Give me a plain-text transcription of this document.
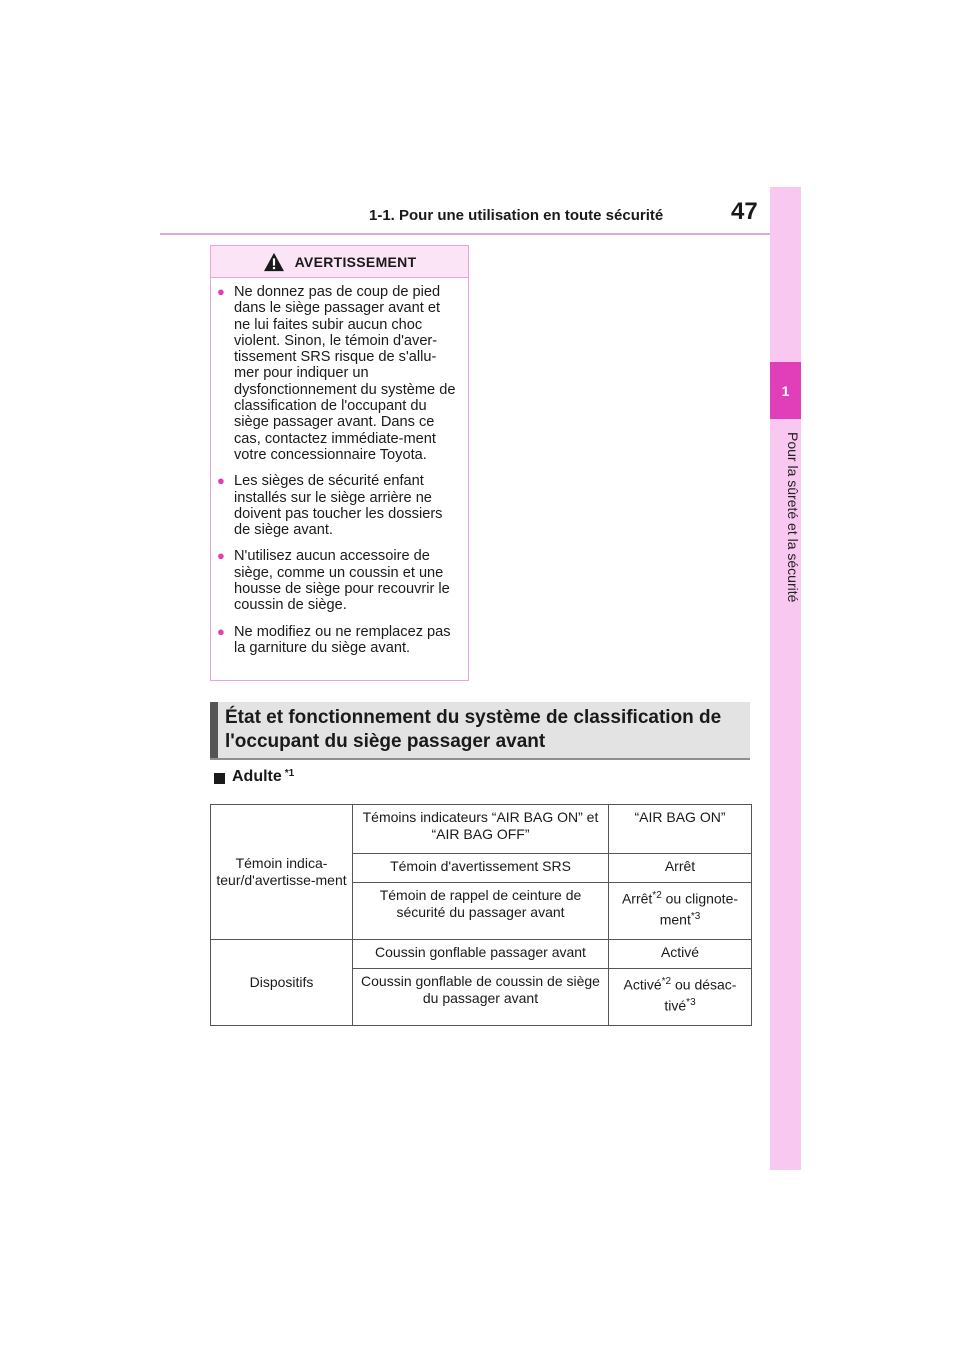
1-1. Pour une utilisation en toute sécurité	47
1
Pour la sûreté et la sécurité
AVERTISSEMENT
● Ne donnez pas de coup de pied dans le siège passager avant et ne lui faites subir aucun choc violent. Sinon, le témoin d'aver-tissement SRS risque de s'allu-mer pour indiquer un dysfonctionnement du système de classification de l'occupant du siège passager avant. Dans ce cas, contactez immédiate-ment votre concessionnaire Toyota.
● Les sièges de sécurité enfant installés sur le siège arrière ne doivent pas toucher les dossiers de siège avant.
● N'utilisez aucun accessoire de siège, comme un coussin et une housse de siège pour recouvrir le coussin de siège.
● Ne modifiez ou ne remplacez pas la garniture du siège avant.
État et fonctionnement du système de classification de l'occupant du siège passager avant
Adulte $^{*1}$
Témoin indica-teur/d'avertisse-ment	Témoins indicateurs “AIR BAG ON” et “AIR BAG OFF”	“AIR BAG ON”
	Témoin d'avertissement SRS	Arrêt
	Témoin de rappel de ceinture de sécurité du passager avant	Arrêt$^{*2}$ ou clignote-ment$^{*3}$
Dispositifs	Coussin gonflable passager avant	Activé
	Coussin gonflable de coussin de siège du passager avant	Activé$^{*2}$ ou désac-tivé$^{*3}$
